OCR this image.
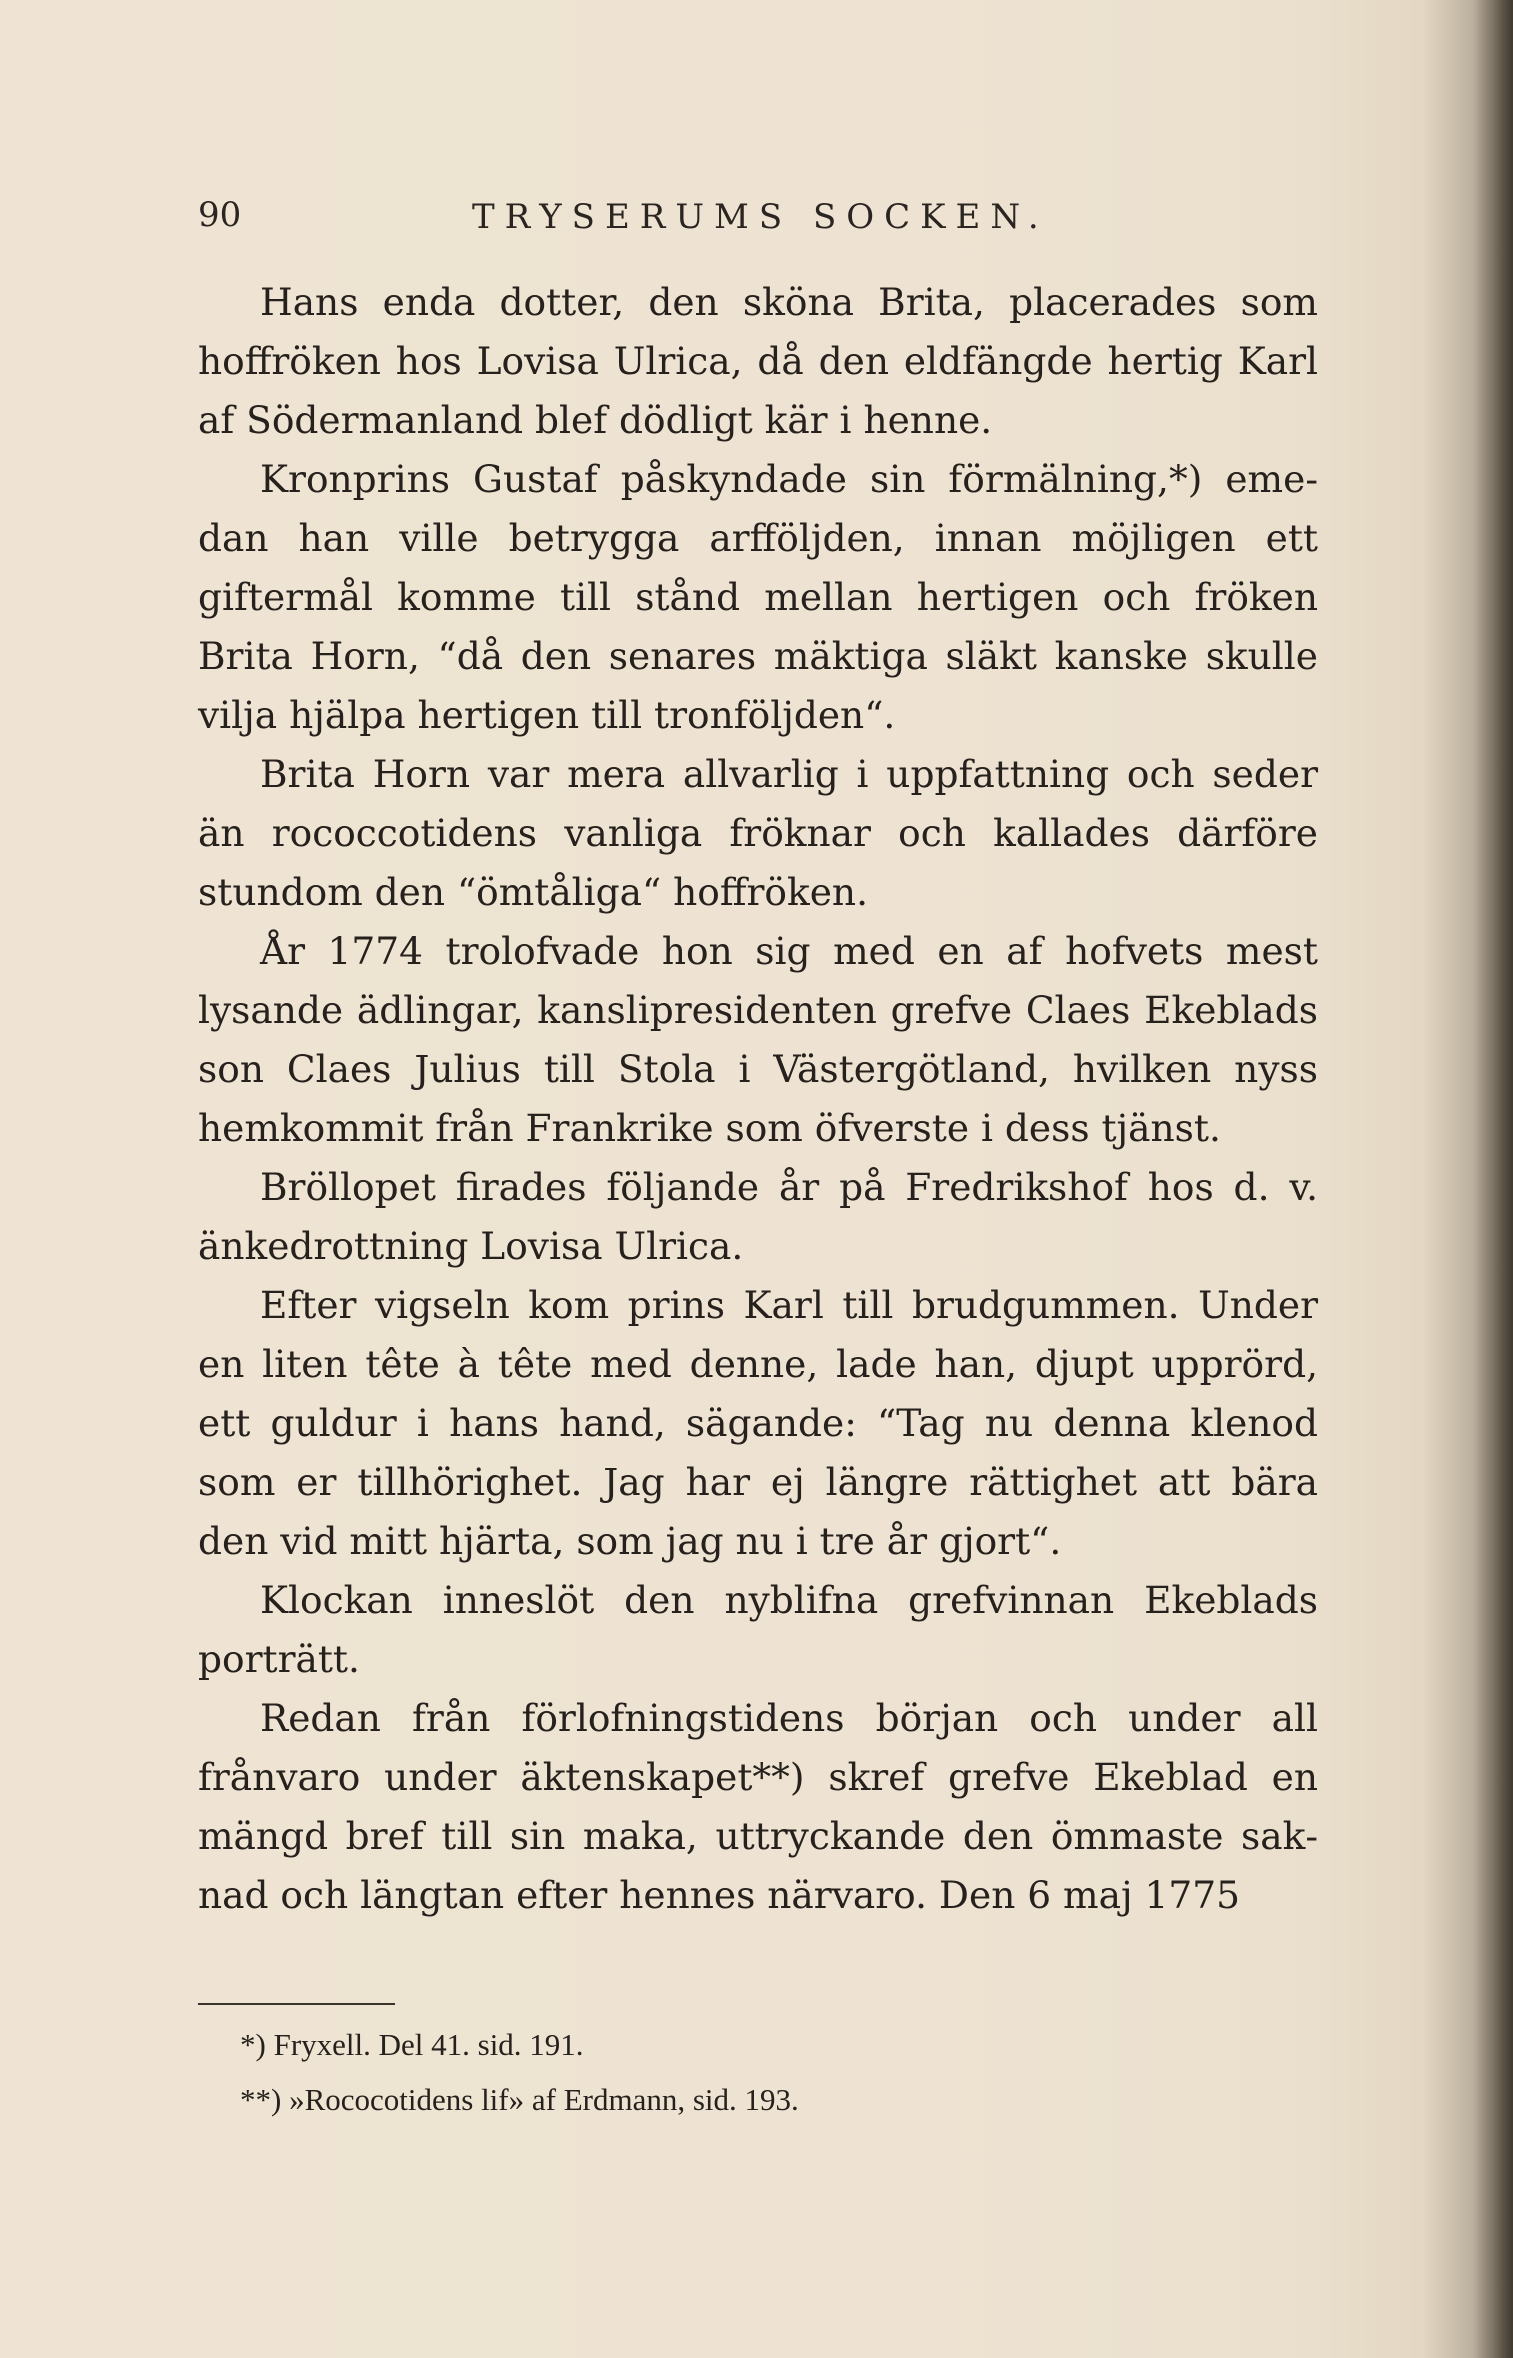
90	TRYSERUMS SOCKEN.

Hans enda dotter, den sköna Brita, placerades som hoffröken hos Lovisa Ulrica, då den eldfängde hertig Karl af Södermanland blef dödligt kär i henne.

Kronprins Gustaf påskyndade sin förmälning,*) emedan han ville betrygga arfföljden, innan möjligen ett giftermål komme till stånd mellan hertigen och fröken Brita Horn, “då den senares mäktiga släkt kanske skulle vilja hjälpa hertigen till tronföljden“.

Brita Horn var mera allvarlig i uppfattning och seder än rococcotidens vanliga fröknar och kallades därföre stundom den “ömtåliga“ hoffröken.

År 1774 trolofvade hon sig med en af hofvets mest lysande ädlingar, kanslipresidenten grefve Claes Ekeblads son Claes Julius till Stola i Västergötland, hvilken nyss hemkommit från Frankrike som öfverste i dess tjänst.

Bröllopet firades följande år på Fredrikshof hos d. v. änkedrottning Lovisa Ulrica.

Efter vigseln kom prins Karl till brudgummen. Under en liten tête à tête med denne, lade han, djupt upprörd, ett guldur i hans hand, sägande: “Tag nu denna klenod som er tillhörighet. Jag har ej längre rättighet att bära den vid mitt hjärta, som jag nu i tre år gjort“.

Klockan inneslöt den nyblifna grefvinnan Ekeblads porträtt.

Redan från förlofningstidens början och under all frånvaro under äktenskapet**) skref grefve Ekeblad en mängd bref till sin maka, uttryckande den ömmaste saknad och längtan efter hennes närvaro. Den 6 maj 1775

*) Fryxell. Del 41. sid. 191.

**) »Rococotidens lif» af Erdmann, sid. 193.
